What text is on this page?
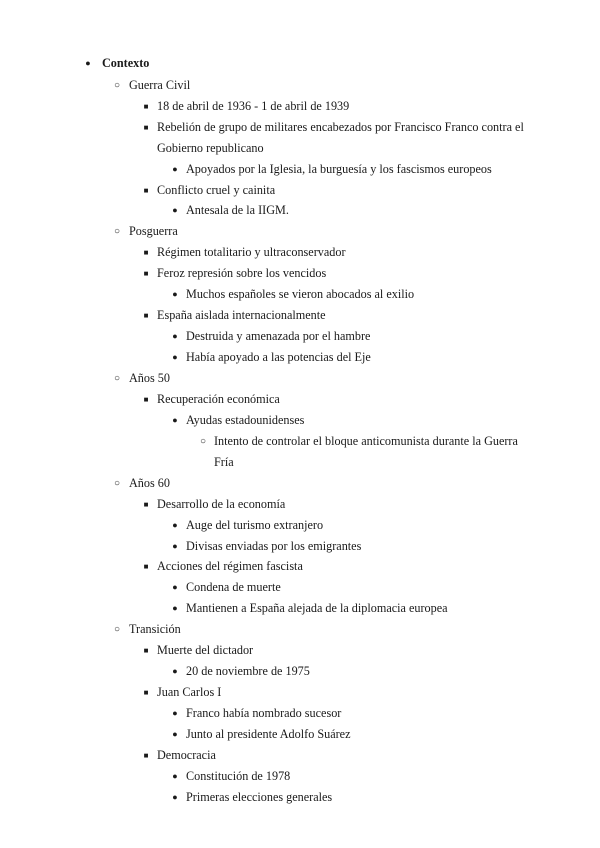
●
Contexto
○
Guerra Civil
■
18 de abril de 1936 - 1 de abril de 1939
■
Rebelión de grupo de militares encabezados por Francisco Franco contra el
Gobierno republicano
●
Apoyados por la Iglesia, la burguesía y los fascismos europeos
■
Conflicto cruel y cainita
●
Antesala de la IIGM.
○
Posguerra
■
Régimen totalitario y ultraconservador
■
Feroz represión sobre los vencidos
●
Muchos españoles se vieron abocados al exilio
■
España aislada internacionalmente
●
Destruida y amenazada por el hambre
●
Había apoyado a las potencias del Eje
○
Años 50
■
Recuperación económica
●
Ayudas estadounidenses
○
Intento de controlar el bloque anticomunista durante la Guerra
Fría
○
Años 60
■
Desarrollo de la economía
●
Auge del turismo extranjero
●
Divisas enviadas por los emigrantes
■
Acciones del régimen fascista
●
Condena de muerte
●
Mantienen a España alejada de la diplomacia europea
○
Transición
■
Muerte del dictador
●
20 de noviembre de 1975
■
Juan Carlos I
●
Franco había nombrado sucesor
●
Junto al presidente Adolfo Suárez
■
Democracia
●
Constitución de 1978
●
Primeras elecciones generales
